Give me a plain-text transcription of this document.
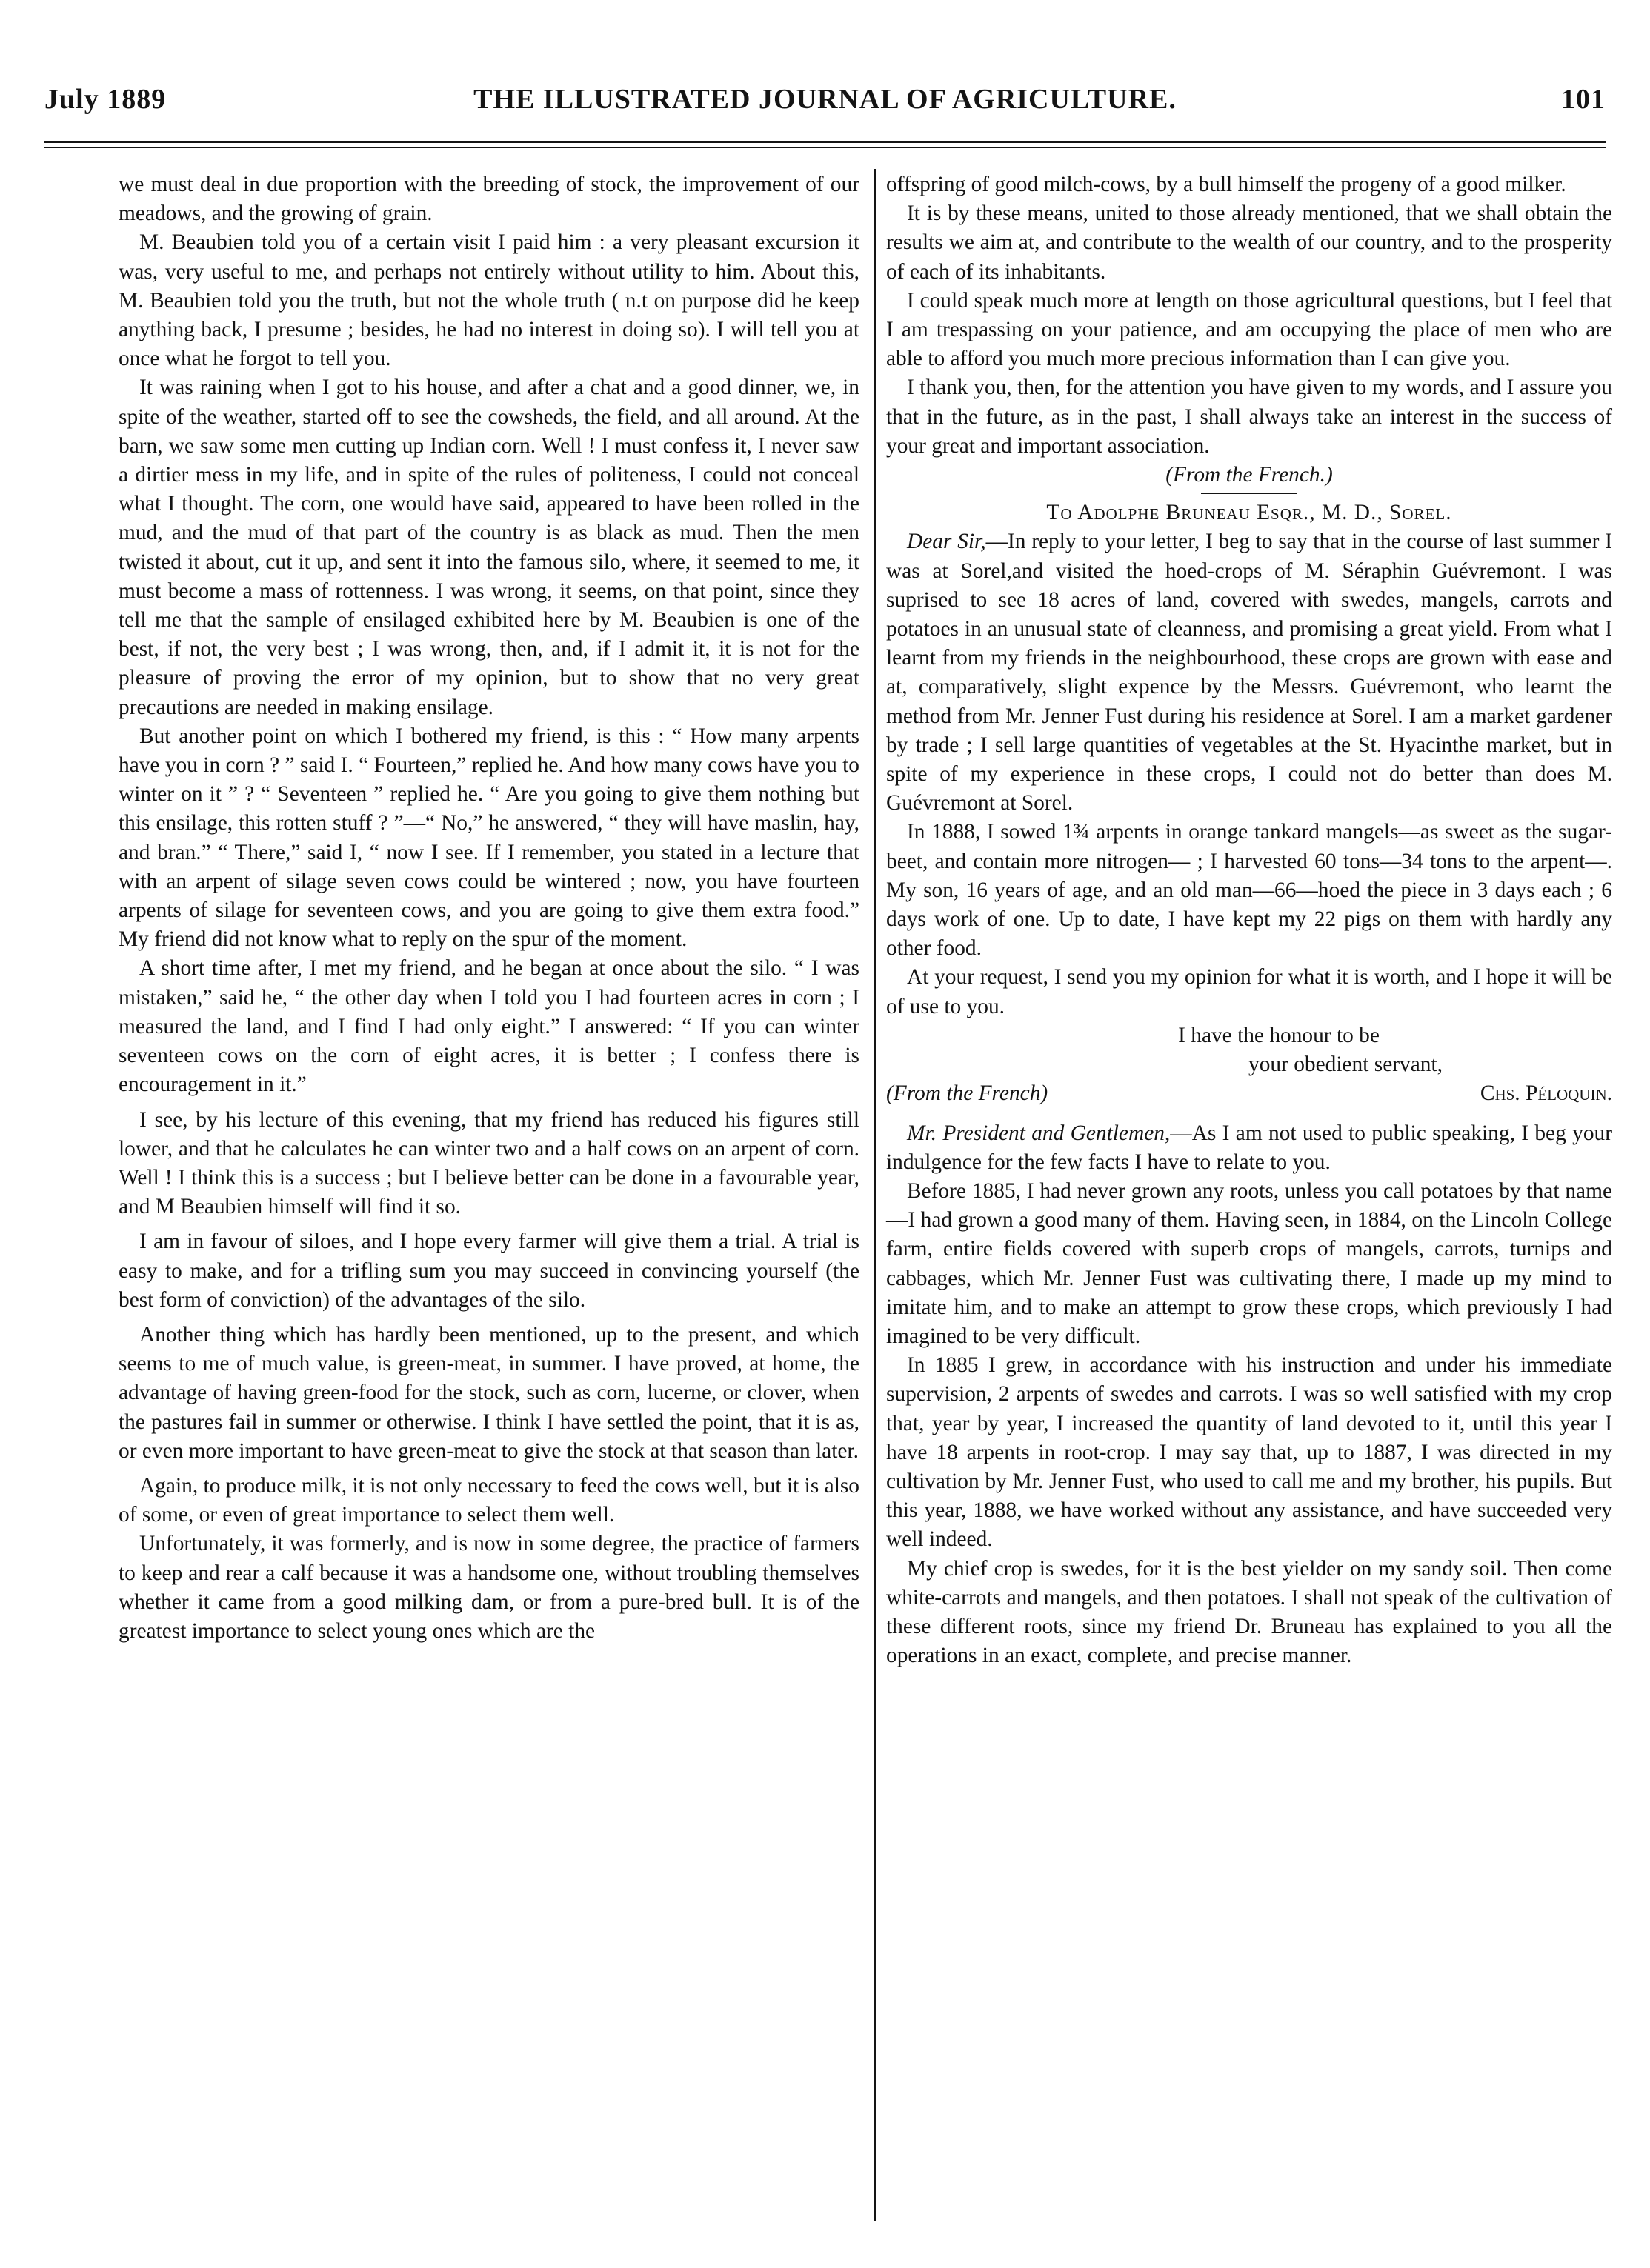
July 1889	THE ILLUSTRATED JOURNAL OF AGRICULTURE.	101

we must deal in due proportion with the breeding of stock, the improvement of our meadows, and the growing of grain.

M. Beaubien told you of a certain visit I paid him : a very pleasant excursion it was, very useful to me, and perhaps not entirely without utility to him. About this, M. Beaubien told you the truth, but not the whole truth ( n.t on purpose did he keep anything back, I presume ; besides, he had no interest in doing so). I will tell you at once what he forgot to tell you.

It was raining when I got to his house, and after a chat and a good dinner, we, in spite of the weather, started off to see the cowsheds, the field, and all around. At the barn, we saw some men cutting up Indian corn. Well ! I must confess it, I never saw a dirtier mess in my life, and in spite of the rules of politeness, I could not conceal what I thought. The corn, one would have said, appeared to have been rolled in the mud, and the mud of that part of the country is as black as mud. Then the men twisted it about, cut it up, and sent it into the famous silo, where, it seemed to me, it must become a mass of rottenness. I was wrong, it seems, on that point, since they tell me that the sample of ensilaged exhibited here by M. Beaubien is one of the best, if not, the very best ; I was wrong, then, and, if I admit it, it is not for the pleasure of proving the error of my opinion, but to show that no very great precautions are needed in making ensilage.

But another point on which I bothered my friend, is this : “ How many arpents have you in corn ? ” said I. “ Fourteen,” replied he. And how many cows have you to winter on it ” ? “ Seventeen ” replied he. “ Are you going to give them nothing but this ensilage, this rotten stuff ? ”—“ No,” he answered, “ they will have maslin, hay, and bran.” “ There,” said I, “ now I see. If I remember, you stated in a lecture that with an arpent of silage seven cows could be wintered ; now, you have fourteen arpents of silage for seventeen cows, and you are going to give them extra food.” My friend did not know what to reply on the spur of the moment.

A short time after, I met my friend, and he began at once about the silo. “ I was mistaken,” said he, “ the other day when I told you I had fourteen acres in corn ; I measured the land, and I find I had only eight.” I answered: “ If you can winter seventeen cows on the corn of eight acres, it is better ; I confess there is encouragement in it.”

I see, by his lecture of this evening, that my friend has reduced his figures still lower, and that he calculates he can winter two and a half cows on an arpent of corn. Well ! I think this is a success ; but I believe better can be done in a favourable year, and M Beaubien himself will find it so.

I am in favour of siloes, and I hope every farmer will give them a trial. A trial is easy to make, and for a trifling sum you may succeed in convincing yourself (the best form of conviction) of the advantages of the silo.

Another thing which has hardly been mentioned, up to the present, and which seems to me of much value, is green-meat, in summer. I have proved, at home, the advantage of having green-food for the stock, such as corn, lucerne, or clover, when the pastures fail in summer or otherwise. I think I have settled the point, that it is as, or even more important to have green-meat to give the stock at that season than later.

Again, to produce milk, it is not only necessary to feed the cows well, but it is also of some, or even of great importance to select them well.

Unfortunately, it was formerly, and is now in some degree, the practice of farmers to keep and rear a calf because it was a handsome one, without troubling themselves whether it came from a good milking dam, or from a pure-bred bull. It is of the greatest importance to select young ones which are the

offspring of good milch-cows, by a bull himself the progeny of a good milker.

It is by these means, united to those already mentioned, that we shall obtain the results we aim at, and contribute to the wealth of our country, and to the prosperity of each of its inhabitants.

I could speak much more at length on those agricultural questions, but I feel that I am trespassing on your patience, and am occupying the place of men who are able to afford you much more precious information than I can give you.

I thank you, then, for the attention you have given to my words, and I assure you that in the future, as in the past, I shall always take an interest in the success of your great and important association.

(From the French.)

To Adolphe Bruneau Esqr., M. D., Sorel.

Dear Sir,—In reply to your letter, I beg to say that in the course of last summer I was at Sorel,and visited the hoed-crops of M. Séraphin Guévremont. I was suprised to see 18 acres of land, covered with swedes, mangels, carrots and potatoes in an unusual state of cleanness, and promising a great yield. From what I learnt from my friends in the neighbourhood, these crops are grown with ease and at, comparatively, slight expence by the Messrs. Guévremont, who learnt the method from Mr. Jenner Fust during his residence at Sorel. I am a market gardener by trade ; I sell large quantities of vegetables at the St. Hyacinthe market, but in spite of my experience in these crops, I could not do better than does M. Guévremont at Sorel.

In 1888, I sowed 1¾ arpents in orange tankard mangels—as sweet as the sugar-beet, and contain more nitrogen— ; I harvested 60 tons—34 tons to the arpent—. My son, 16 years of age, and an old man—66—hoed the piece in 3 days each ; 6 days work of one. Up to date, I have kept my 22 pigs on them with hardly any other food.

At your request, I send you my opinion for what it is worth, and I hope it will be of use to you.

I have the honour to be

your obedient servant,

(From the French)	Chs. Péloquin.

Mr. President and Gentlemen,—As I am not used to public speaking, I beg your indulgence for the few facts I have to relate to you.

Before 1885, I had never grown any roots, unless you call potatoes by that name—I had grown a good many of them. Having seen, in 1884, on the Lincoln College farm, entire fields covered with superb crops of mangels, carrots, turnips and cabbages, which Mr. Jenner Fust was cultivating there, I made up my mind to imitate him, and to make an attempt to grow these crops, which previously I had imagined to be very difficult.

In 1885 I grew, in accordance with his instruction and under his immediate supervision, 2 arpents of swedes and carrots. I was so well satisfied with my crop that, year by year, I increased the quantity of land devoted to it, until this year I have 18 arpents in root-crop. I may say that, up to 1887, I was directed in my cultivation by Mr. Jenner Fust, who used to call me and my brother, his pupils. But this year, 1888, we have worked without any assistance, and have succeeded very well indeed.

My chief crop is swedes, for it is the best yielder on my sandy soil. Then come white-carrots and mangels, and then potatoes. I shall not speak of the cultivation of these different roots, since my friend Dr. Bruneau has explained to you all the operations in an exact, complete, and precise manner.
